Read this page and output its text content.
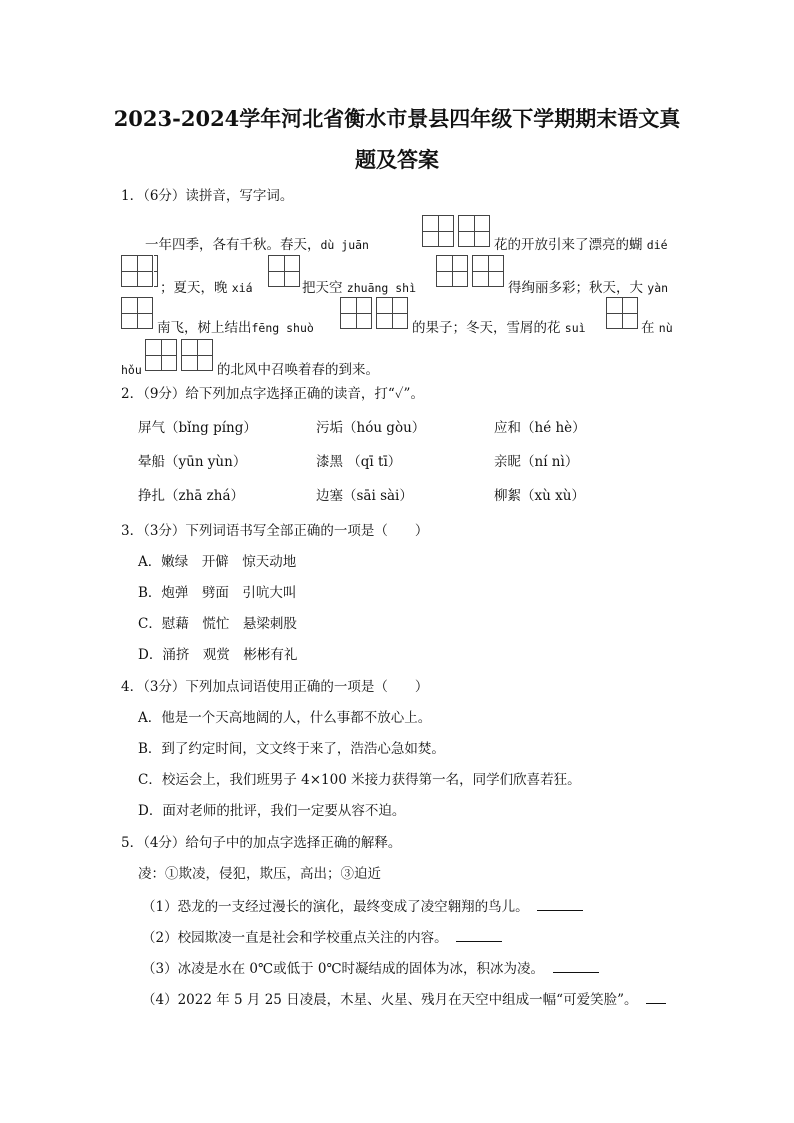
2023-2024学年河北省衡水市景县四年级下学期期末语文真
题及答案
1．（6分）读拼音，写字词。
一年四季，各有千秋。春天，dù juān	花的开放引来了漂亮的蝴 dié
；夏天，晚 xiá	把天空 zhuāng shì	得绚丽多彩；秋天，大 yàn
南飞，树上结出fēng shuò	的果子；冬天，雪屑的花 suì	在 nù
hǒu	的北风中召唤着春的到来。
2．（9分）给下列加点字选择正确的读音，打“✓”。
屏气（bǐng píng）	污垢（hóu gòu）	应和（hé hè）
晕船（yūn yùn）	漆黑 （qī tī）	亲昵（ní nì）
挣扎（zhā zhá）	边塞（sāi sài）	柳絮（xù xù）
3．（3分）下列词语书写全部正确的一项是（　　）
A．嫩绿　开僻　惊天动地
B．炮弹　劈面　引吭大叫
C．慰藉　慌忙　悬梁刺股
D．涌挤　观赏　彬彬有礼
4．（3分）下列加点词语使用正确的一项是（　　）
A．他是一个天高地阔的人，什么事都不放心上。
B．到了约定时间，文文终于来了，浩浩心急如焚。
C．校运会上，我们班男子 4×100 米接力获得第一名，同学们欣喜若狂。
D．面对老师的批评，我们一定要从容不迫。
5．（4分）给句子中的加点字选择正确的解释。
凌：①欺凌，侵犯，欺压，高出；③迫近
（1）恐龙的一支经过漫长的演化，最终变成了凌空翱翔的鸟儿。
（2）校园欺凌一直是社会和学校重点关注的内容。
（3）冰凌是水在 0℃或低于 0℃时凝结成的固体为冰，积冰为凌。
（4）2022 年 5 月 25 日凌晨，木星、火星、残月在天空中组成一幅“可爱笑脸”。
